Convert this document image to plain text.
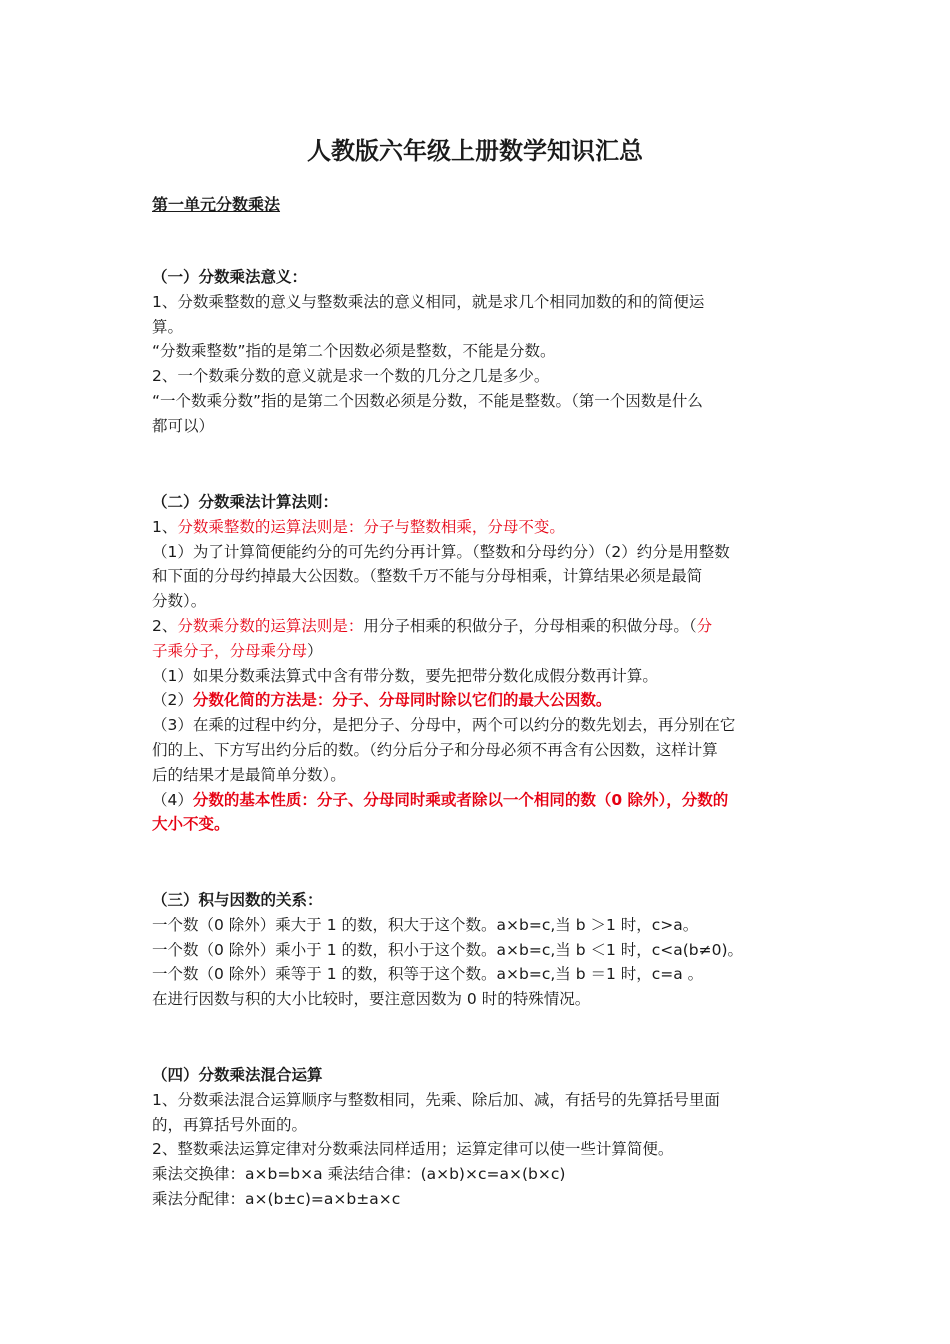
人教版六年级上册数学知识汇总
第一单元分数乘法

（一）分数乘法意义：

1、分数乘整数的意义与整数乘法的意义相同，就是求几个相同加数的和的简便运

算。

“分数乘整数”指的是第二个因数必须是整数，不能是分数。

2、一个数乘分数的意义就是求一个数的几分之几是多少。

“一个数乘分数”指的是第二个因数必须是分数，不能是整数。（第一个因数是什么

都可以）

（二）分数乘法计算法则：

1、分数乘整数的运算法则是：分子与整数相乘，分母不变。

（1）为了计算简便能约分的可先约分再计算。（整数和分母约分）（2）约分是用整数

和下面的分母约掉最大公因数。（整数千万不能与分母相乘，计算结果必须是最简

分数）。

2、分数乘分数的运算法则是：用分子相乘的积做分子，分母相乘的积做分母。（分

子乘分子，分母乘分母）

（1）如果分数乘法算式中含有带分数，要先把带分数化成假分数再计算。

（2）分数化简的方法是：分子、分母同时除以它们的最大公因数。

（3）在乘的过程中约分，是把分子、分母中，两个可以约分的数先划去，再分别在它

们的上、下方写出约分后的数。（约分后分子和分母必须不再含有公因数，这样计算

后的结果才是最简单分数）。

（4）分数的基本性质：分子、分母同时乘或者除以一个相同的数（0 除外），分数的

大小不变。

（三）积与因数的关系：

一个数（0 除外）乘大于 1 的数，积大于这个数。a×b=c,当 b ＞1 时，c>a。

一个数（0 除外）乘小于 1 的数，积小于这个数。a×b=c,当 b ＜1 时，c<a(b≠0)。

一个数（0 除外）乘等于 1 的数，积等于这个数。a×b=c,当 b ＝1 时，c=a 。

在进行因数与积的大小比较时，要注意因数为 0 时的特殊情况。

（四）分数乘法混合运算

1、分数乘法混合运算顺序与整数相同，先乘、除后加、减，有括号的先算括号里面

的，再算括号外面的。

2、整数乘法运算定律对分数乘法同样适用；运算定律可以使一些计算简便。

乘法交换律：a×b=b×a 乘法结合律：(a×b)×c=a×(b×c)

乘法分配律：a×(b±c)=a×b±a×c
